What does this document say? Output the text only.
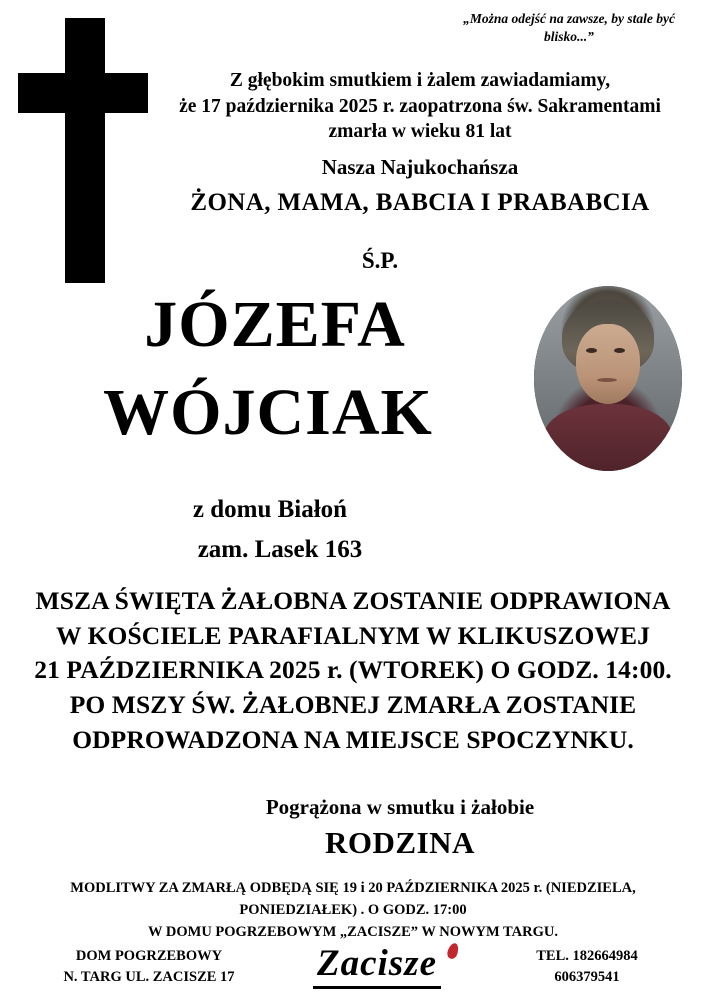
„Można odejść na zawsze, by stale być blisko...”
Z głębokim smutkiem i żalem zawiadamiamy,
że 17 października 2025 r. zaopatrzona św. Sakramentami
zmarła w wieku 81 lat
Nasza Najukochańsza
ŻONA, MAMA, BABCIA I PRABABCIA
Ś.P.
JÓZEFA
WÓJCIAK
z domu Białoń
zam. Lasek 163
MSZA ŚWIĘTA ŻAŁOBNA ZOSTANIE ODPRAWIONA
W KOŚCIELE PARAFIALNYM W KLIKUSZOWEJ
21 PAŹDZIERNIKA 2025 r. (WTOREK) O GODZ. 14:00.
PO MSZY ŚW. ŻAŁOBNEJ ZMARŁA ZOSTANIE
ODPROWADZONA NA MIEJSCE SPOCZYNKU.
Pogrążona w smutku i żałobie
RODZINA
MODLITWY ZA ZMARŁĄ ODBĘDĄ SIĘ 19 i 20 PAŹDZIERNIKA 2025 r. (NIEDZIELA, PONIEDZIAŁEK) . O GODZ. 17:00
W DOMU POGRZEBOWYM „ZACISZE” W NOWYM TARGU.
DOM POGRZEBOWY
N. TARG UL. ZACISZE 17	Zacisze	TEL. 182664984
606379541
